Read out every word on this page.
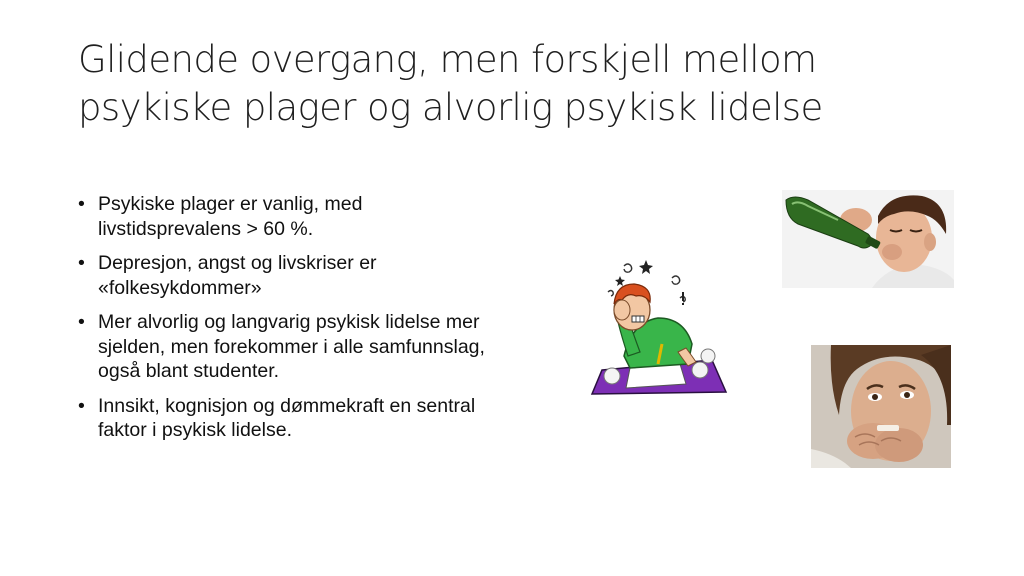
Glidende overgang, men forskjell mellom
psykiske plager og alvorlig psykisk lidelse
• Psykiske plager er vanlig, med livstidsprevalens > 60 %.
• Depresjon, angst og livskriser er «folkesykdommer»
• Mer alvorlig og langvarig psykisk lidelse mer sjelden, men forekommer i alle samfunnslag, også blant studenter.
• Innsikt, kognisjon og dømmekraft en sentral faktor i psykisk lidelse.
